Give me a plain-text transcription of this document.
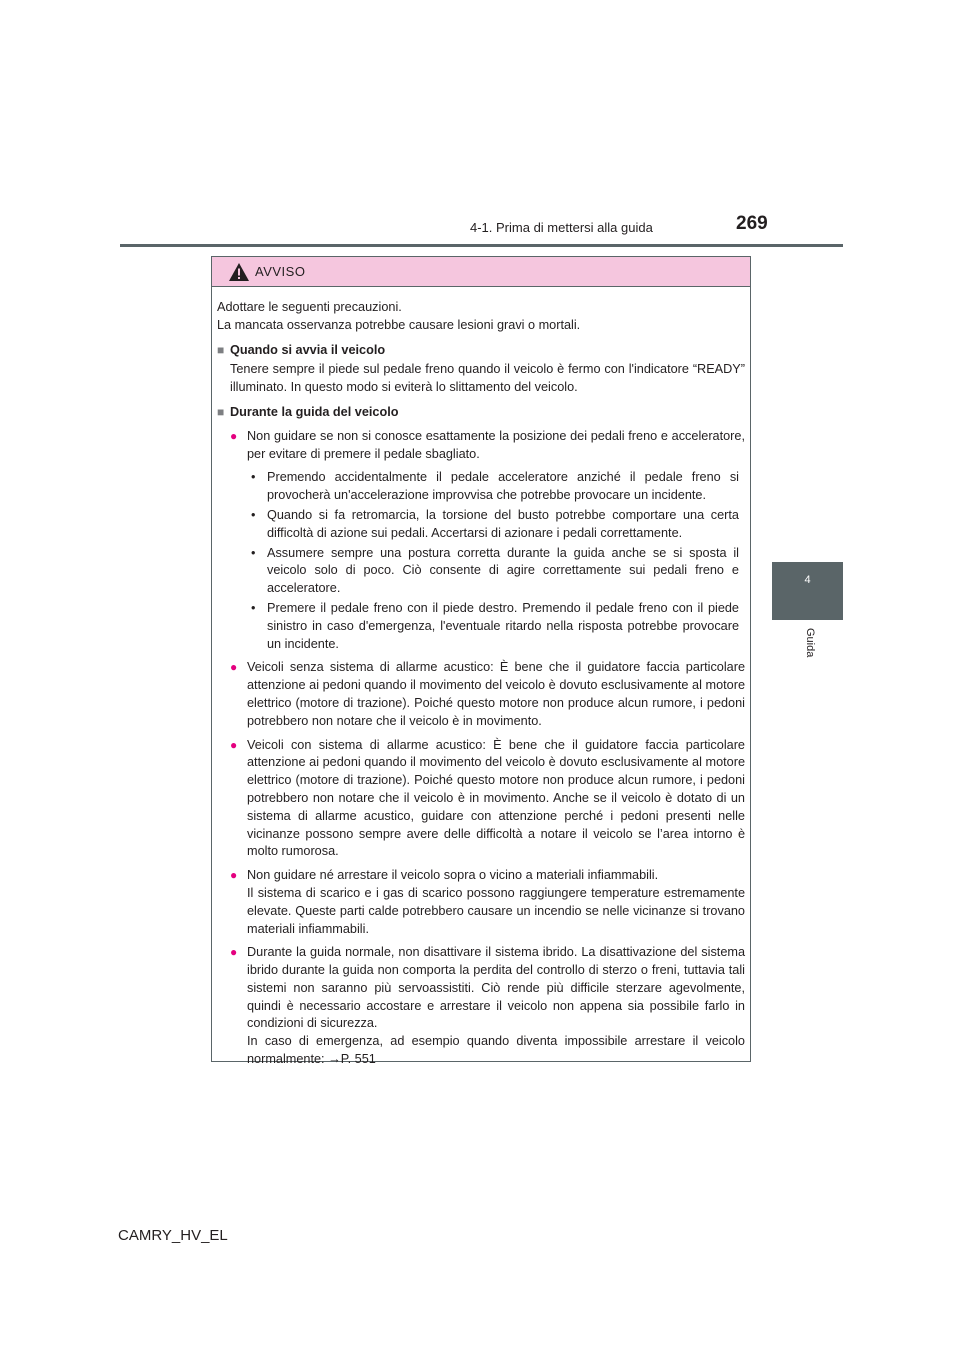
4-1. Prima di mettersi alla guida	269
4
Guida
AVVISO

Adottare le seguenti precauzioni.

La mancata osservanza potrebbe causare lesioni gravi o mortali.

■ Quando si avvia il veicolo

Tenere sempre il piede sul pedale freno quando il veicolo è fermo con l'indicatore “READY” illuminato. In questo modo si eviterà lo slittamento del veicolo.

■ Durante la guida del veicolo
● Non guidare se non si conosce esattamente la posizione dei pedali freno e acceleratore, per evitare di premere il pedale sbagliato.
• Premendo accidentalmente il pedale acceleratore anziché il pedale freno si provocherà un'accelerazione improvvisa che potrebbe provocare un incidente.
• Quando si fa retromarcia, la torsione del busto potrebbe comportare una certa difficoltà di azione sui pedali. Accertarsi di azionare i pedali correttamente.
• Assumere sempre una postura corretta durante la guida anche se si sposta il veicolo solo di poco. Ciò consente di agire correttamente sui pedali freno e acceleratore.
• Premere il pedale freno con il piede destro. Premendo il pedale freno con il piede sinistro in caso d'emergenza, l'eventuale ritardo nella risposta potrebbe provocare un incidente.
● Veicoli senza sistema di allarme acustico: È bene che il guidatore faccia particolare attenzione ai pedoni quando il movimento del veicolo è dovuto esclusivamente al motore elettrico (motore di trazione). Poiché questo motore non produce alcun rumore, i pedoni potrebbero non notare che il veicolo è in movimento.
● Veicoli con sistema di allarme acustico: È bene che il guidatore faccia particolare attenzione ai pedoni quando il movimento del veicolo è dovuto esclusivamente al motore elettrico (motore di trazione). Poiché questo motore non produce alcun rumore, i pedoni potrebbero non notare che il veicolo è in movimento. Anche se il veicolo è dotato di un sistema di allarme acustico, guidare con attenzione perché i pedoni presenti nelle vicinanze possono sempre avere delle difficoltà a notare il veicolo se l’area intorno è molto rumorosa.
● Non guidare né arrestare il veicolo sopra o vicino a materiali infiammabili.
Il sistema di scarico e i gas di scarico possono raggiungere temperature estremamente elevate. Queste parti calde potrebbero causare un incendio se nelle vicinanze si trovano materiali infiammabili.
● Durante la guida normale, non disattivare il sistema ibrido. La disattivazione del sistema ibrido durante la guida non comporta la perdita del controllo di sterzo o freni, tuttavia tali sistemi non saranno più servoassistiti. Ciò rende più difficile sterzare agevolmente, quindi è necessario accostare e arrestare il veicolo non appena sia possibile farlo in condizioni di sicurezza.
In caso di emergenza, ad esempio quando diventa impossibile arrestare il veicolo normalmente: →P. 551
CAMRY_HV_EL
